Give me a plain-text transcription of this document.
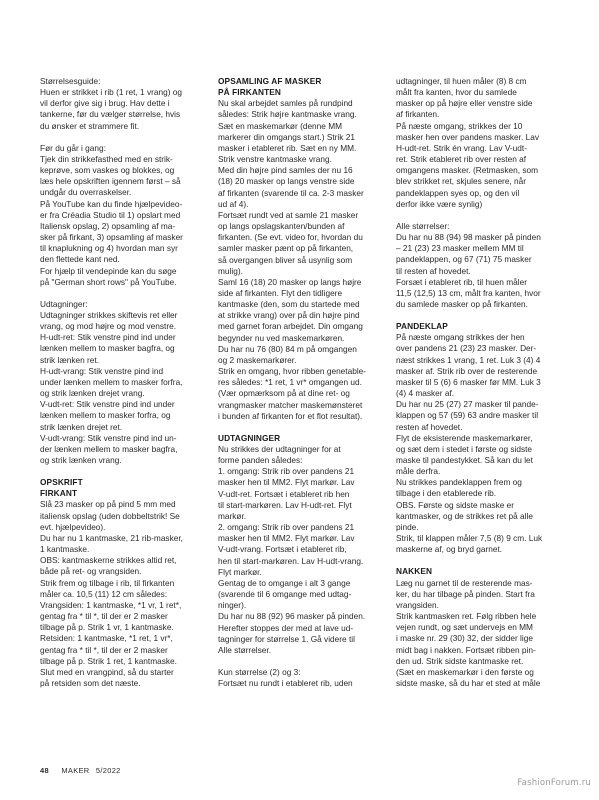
Størrelsesguide:
Huen er strikket i rib (1 ret, 1 vrang) og
vil derfor give sig i brug. Hav dette i
tankerne, før du vælger størrelse, hvis
du ønsker et strammere fit.

Før du går i gang:
Tjek din strikkefasthed med en strik-
keprøve, som vaskes og blokkes, og
læs hele opskriften igennem først – så
undgår du overraskelser.
På YouTube kan du finde hjælpevideo-
er fra Créadia Studio til 1) opslart med
Italiensk opslag, 2) opsamling af ma-
sker på firkant, 3) opsamling af masker
til knaplukning og 4) hvordan man syr
den flettede kant ned.
For hjælp til vendepinde kan du søge
på "German short rows" på YouTube.

Udtagninger:
Udtagninger strikkes skiftevis ret eller
vrang, og mod højre og mod venstre.
H-udt-ret: Stik venstre pind ind under
lænken mellem to masker bagfra, og
strik lænken ret.
H-udt-vrang: Stik venstre pind ind
under lænken mellem to masker forfra,
og strik lænken drejet vrang.
V-udt-ret: Stik venstre pind ind under
lænken mellem to masker forfra, og
strik lænken drejet ret.
V-udt-vrang: Stik venstre pind ind un-
der lænken mellem to masker bagfra,
og strik lænken vrang.

OPSKRIFT

FIRKANT

Slå 23 masker op på pind 5 mm med
italiensk opslag (uden dobbeltstrik! Se
evt. hjælpevideo).
Du har nu 1 kantmaske, 21 rib-masker,
1 kantmaske.
OBS: kantmaskerne strikkes altid ret,
både på ret- og vrangsiden.
Strik frem og tilbage i rib, til firkanten
måler ca. 10,5 (11) 12 cm således:
Vrangsiden: 1 kantmaske, *1 vr, 1 ret*,
gentag fra * til *, til der er 2 masker
tilbage på p. Strik 1 vr, 1 kantmaske.
Retsiden: 1 kantmaske, *1 ret, 1 vr*,
gentag fra * til *, til der er 2 masker
tilbage på p. Strik 1 ret, 1 kantmaske.
Slut med en vrangpind, så du starter
på retsiden som det næste.

OPSAMLING AF MASKER
PÅ FIRKANTEN

Nu skal arbejdet samles på rundpind
således: Strik højre kantmaske vrang.
Sæt en maskemarkør (denne MM
markerer din omgangs start.) Strik 21
masker i etableret rib. Sæt en ny MM.
Strik venstre kantmaske vrang.
Med din højre pind samles der nu 16
(18) 20 masker op langs venstre side
af firkanten (svarende til ca. 2-3 masker
ud af 4).
Fortsæt rundt ved at samle 21 masker
op langs opslagskanten/bunden af
firkanten. (Se evt. video for, hvordan du
samler masker pænt op på firkanten,
så overgangen bliver så usynlig som
mulig).
Saml 16 (18) 20 masker op langs højre
side af firkanten. Flyt den tidligere
kantmaske (den, som du startede med
at strikke vrang) over på din højre pind
med garnet foran arbejdet. Din omgang
begynder nu ved maskemarkøren.
Du har nu 76 (80) 84 m på omgangen
og 2 maskemarkører.
Strik en omgang, hvor ribben genetable-
res således: *1 ret, 1 vr* omgangen ud.
(Vær opmærksom på at dine ret- og
vrangmasker matcher maskemønsteret
i bunden af firkanten for et flot resultat).

UDTAGNINGER

Nu strikkes der udtagninger for at
forme panden således:
1. omgang: Strik rib over pandens 21
masker hen til MM2. Flyt markør. Lav
V-udt-ret. Fortsæt i etableret rib hen
til start-markøren. Lav H-udt-ret. Flyt
markør.
2. omgang: Strik rib over pandens 21
masker hen til MM2. Flyt markør. Lav
V-udt-vrang. Fortsæt i etableret rib,
hen til start-markøren. Lav H-udt-vrang.
Flyt markør.
Gentag de to omgange i alt 3 gange
(svarende til 6 omgange med udtag-
ninger).
Du har nu 88 (92) 96 masker på pinden.
Herefter stoppes der med at lave ud-
tagninger for størrelse 1. Gå videre til
Alle størrelser.

Kun størrelse (2) og 3:
Fortsæt nu rundt i etableret rib, uden

udtagninger, til huen måler (8) 8 cm
målt fra kanten, hvor du samlede
masker op på højre eller venstre side
af firkanten.
På næste omgang, strikkes der 10
masker hen over pandens masker. Lav
H-udt-ret. Strik én vrang. Lav V-udt-
ret. Strik etableret rib over resten af
omgangens masker. (Retmasken, som
blev strikket ret, skjules senere, når
pandeklappen syes op, og den vil
derfor ikke være synlig)

Alle størrelser:
Du har nu 88 (94) 98 masker på pinden
– 21 (23) 23 masker mellem MM til
pandeklappen, og 67 (71) 75 masker
til resten af hovedet.
Forsæt i etableret rib, til huen måler
11,5 (12,5) 13 cm, målt fra kanten, hvor
du samlede masker op på firkanten.

PANDEKLAP

På næste omgang strikkes der hen
over pandens 21 (23) 23 masker. Der-
næst strikkes 1 vrang, 1 ret. Luk 3 (4) 4
masker af. Strik rib over de resterende
masker til 5 (6) 6 masker før MM. Luk 3
(4) 4 masker af.
Du har nu 25 (27) 27 masker til pande-
klappen og 57 (59) 63 andre masker til
resten af hovedet.
Flyt de eksisterende maskemarkører,
og sæt dem i stedet i første og sidste
maske til pandestykket. Så kan du let
måle derfra.
Nu strikkes pandeklappen frem og
tilbage i den etablerede rib.
OBS. Første og sidste maske er
kantmasker, og de strikkes ret på alle
pinde.
Strik, til klappen måler 7,5 (8) 9 cm. Luk
maskerne af, og bryd garnet.

NAKKEN

Læg nu garnet til de resterende mas-
ker, du har tilbage på pinden. Start fra
vrangsiden.
Strik kantmasken ret. Følg ribben hele
vejen rundt, og sæt undervejs en MM
i maske nr. 29 (30) 32, der sidder lige
midt bag i nakken. Fortsæt ribben pin-
den ud. Strik sidste kantmaske ret.
(Sæt en maskemarkør i den første og
sidste maske, så du har et sted at måle

48 MAKER 5/2022
FashionForum.ru
